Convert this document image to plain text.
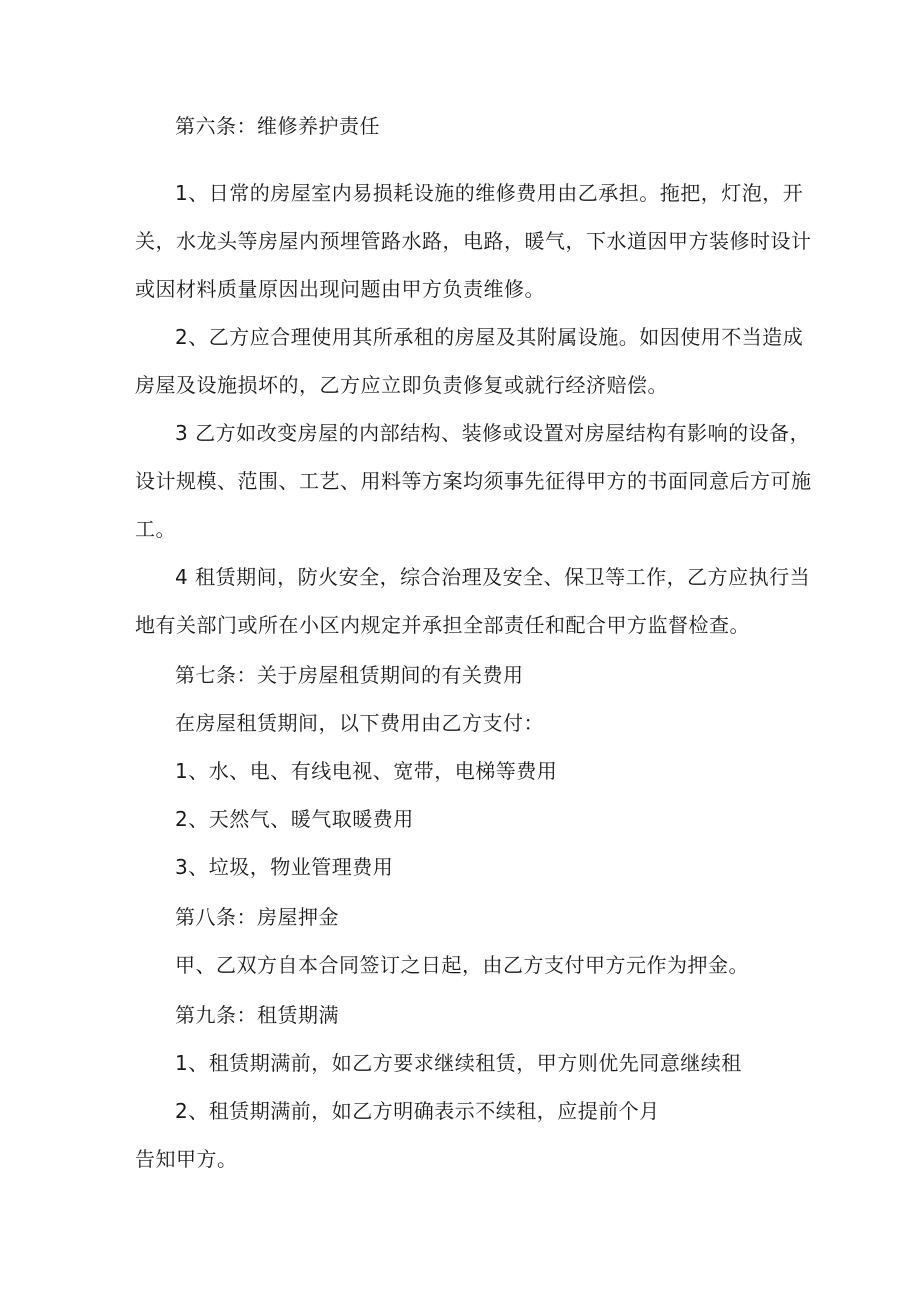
第六条：维修养护责任
1、日常的房屋室内易损耗设施的维修费用由乙承担。拖把，灯泡，开
关，水龙头等房屋内预埋管路水路，电路，暖气，下水道因甲方装修时设计
或因材料质量原因出现问题由甲方负责维修。
2、乙方应合理使用其所承租的房屋及其附属设施。如因使用不当造成
房屋及设施损坏的，乙方应立即负责修复或就行经济赔偿。
3 乙方如改变房屋的内部结构、装修或设置对房屋结构有影响的设备，
设计规模、范围、工艺、用料等方案均须事先征得甲方的书面同意后方可施
工。
4 租赁期间，防火安全，综合治理及安全、保卫等工作，乙方应执行当
地有关部门或所在小区内规定并承担全部责任和配合甲方监督检查。
第七条：关于房屋租赁期间的有关费用
在房屋租赁期间，以下费用由乙方支付：
1、水、电、有线电视、宽带，电梯等费用
2、天然气、暖气取暖费用
3、垃圾，物业管理费用
第八条：房屋押金
甲、乙双方自本合同签订之日起，由乙方支付甲方元作为押金。
第九条：租赁期满
1、租赁期满前，如乙方要求继续租赁，甲方则优先同意继续租
2、租赁期满前，如乙方明确表示不续租，应提前个月
告知甲方。
